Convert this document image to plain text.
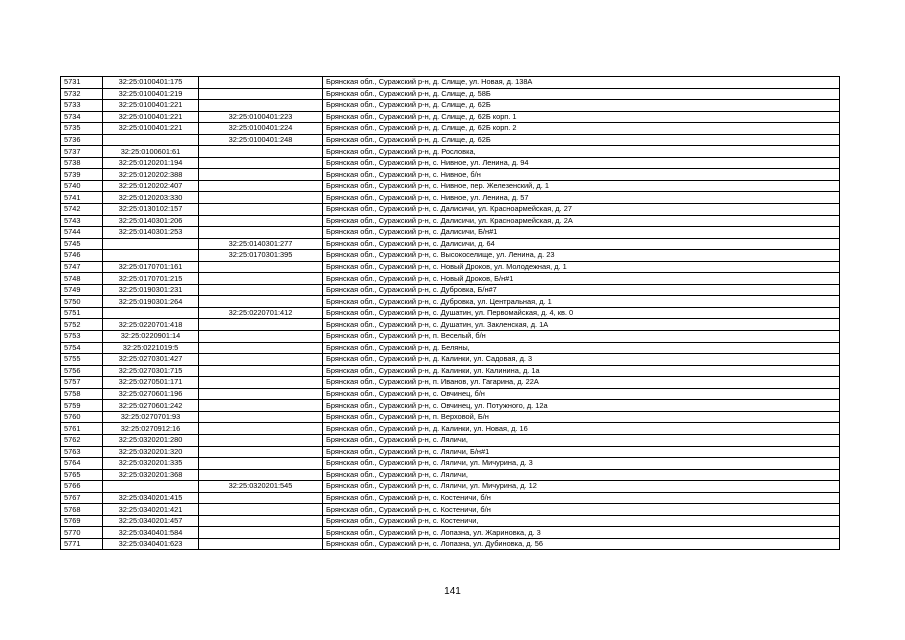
5731	32:25:0100401:175		Брянская обл., Суражский р-н, д. Слище, ул. Новая, д. 138А
5732	32:25:0100401:219		Брянская обл., Суражский р-н, д. Слище, д. 58Б
5733	32:25:0100401:221		Брянская обл., Суражский р-н, д. Слище, д. 62Б
5734	32:25:0100401:221	32:25:0100401:223	Брянская обл., Суражский р-н, д. Слище, д. 62Б корп. 1
5735	32:25:0100401:221	32:25:0100401:224	Брянская обл., Суражский р-н, д. Слище, д. 62Б корп. 2
5736		32:25:0100401:248	Брянская обл., Суражский р-н, д. Слище, д. 62Б
5737	32:25:0100601:61		Брянская обл., Суражский р-н, д. Рословка,
5738	32:25:0120201:194		Брянская обл., Суражский р-н, с. Нивное, ул. Ленина, д. 94
5739	32:25:0120202:388		Брянская обл., Суражский р-н, с. Нивное, б/н
5740	32:25:0120202:407		Брянская обл., Суражский р-н, с. Нивное, пер. Железенский, д. 1
5741	32:25:0120203:330		Брянская обл., Суражский р-н, с. Нивное, ул. Ленина, д. 57
5742	32:25:0130102:157		Брянская обл., Суражский р-н, с. Далисичи, ул. Красноармейская, д. 27
5743	32:25:0140301:206		Брянская обл., Суражский р-н, с. Далисичи, ул. Красноармейская, д. 2А
5744	32:25:0140301:253		Брянская обл., Суражский р-н, с. Далисичи, Б/н#1
5745		32:25:0140301:277	Брянская обл., Суражский р-н, с. Далисичи, д. 64
5746		32:25:0170301:395	Брянская обл., Суражский р-н, с. Высокоселище, ул. Ленина, д. 23
5747	32:25:0170701:161		Брянская обл., Суражский р-н, с. Новый Дроков, ул. Молодежная, д. 1
5748	32:25:0170701:215		Брянская обл., Суражский р-н, с. Новый Дроков, Б/н#1
5749	32:25:0190301:231		Брянская обл., Суражский р-н, с. Дубровка, Б/н#7
5750	32:25:0190301:264		Брянская обл., Суражский р-н, с. Дубровка, ул. Центральная, д. 1
5751		32:25:0220701:412	Брянская обл., Суражский р-н, с. Душатин, ул. Первомайская, д. 4, кв. 0
5752	32:25:0220701:418		Брянская обл., Суражский р-н, с. Душатин, ул. Закленская, д. 1А
5753	32:25:0220901:14		Брянская обл., Суражский р-н, п. Веселый, б/н
5754	32:25:0221019:5		Брянская обл., Суражский р-н, д. Беляны,
5755	32:25:0270301:427		Брянская обл., Суражский р-н, д. Калинки, ул. Садовая, д. 3
5756	32:25:0270301:715		Брянская обл., Суражский р-н, д. Калинки, ул. Калинина, д. 1а
5757	32:25:0270501:171		Брянская обл., Суражский р-н, п. Иванов, ул. Гагарина, д. 22А
5758	32:25:0270601:196		Брянская обл., Суражский р-н, с. Овчинец, б/н
5759	32:25:0270601:242		Брянская обл., Суражский р-н, с. Овчинец, ул. Потужного, д. 12а
5760	32:25:0270701:93		Брянская обл., Суражский р-н, п. Верховой, Б/н
5761	32:25:0270912:16		Брянская обл., Суражский р-н, д. Калинки, ул. Новая, д. 16
5762	32:25:0320201:280		Брянская обл., Суражский р-н, с. Ляличи,
5763	32:25:0320201:320		Брянская обл., Суражский р-н, с. Ляличи, Б/н#1
5764	32:25:0320201:335		Брянская обл., Суражский р-н, с. Ляличи, ул. Мичурина, д. 3
5765	32:25:0320201:368		Брянская обл., Суражский р-н, с. Ляличи,
5766		32:25:0320201:545	Брянская обл., Суражский р-н, с. Ляличи, ул. Мичурина, д. 12
5767	32:25:0340201:415		Брянская обл., Суражский р-н, с. Костеничи, б/н
5768	32:25:0340201:421		Брянская обл., Суражский р-н, с. Костеничи, б/н
5769	32:25:0340201:457		Брянская обл., Суражский р-н, с. Костеничи,
5770	32:25:0340401:584		Брянская обл., Суражский р-н, с. Лопазна, ул. Жариновка, д. 3
5771	32:25:0340401:623		Брянская обл., Суражский р-н, с. Лопазна, ул. Дубиновка, д. 56
141
